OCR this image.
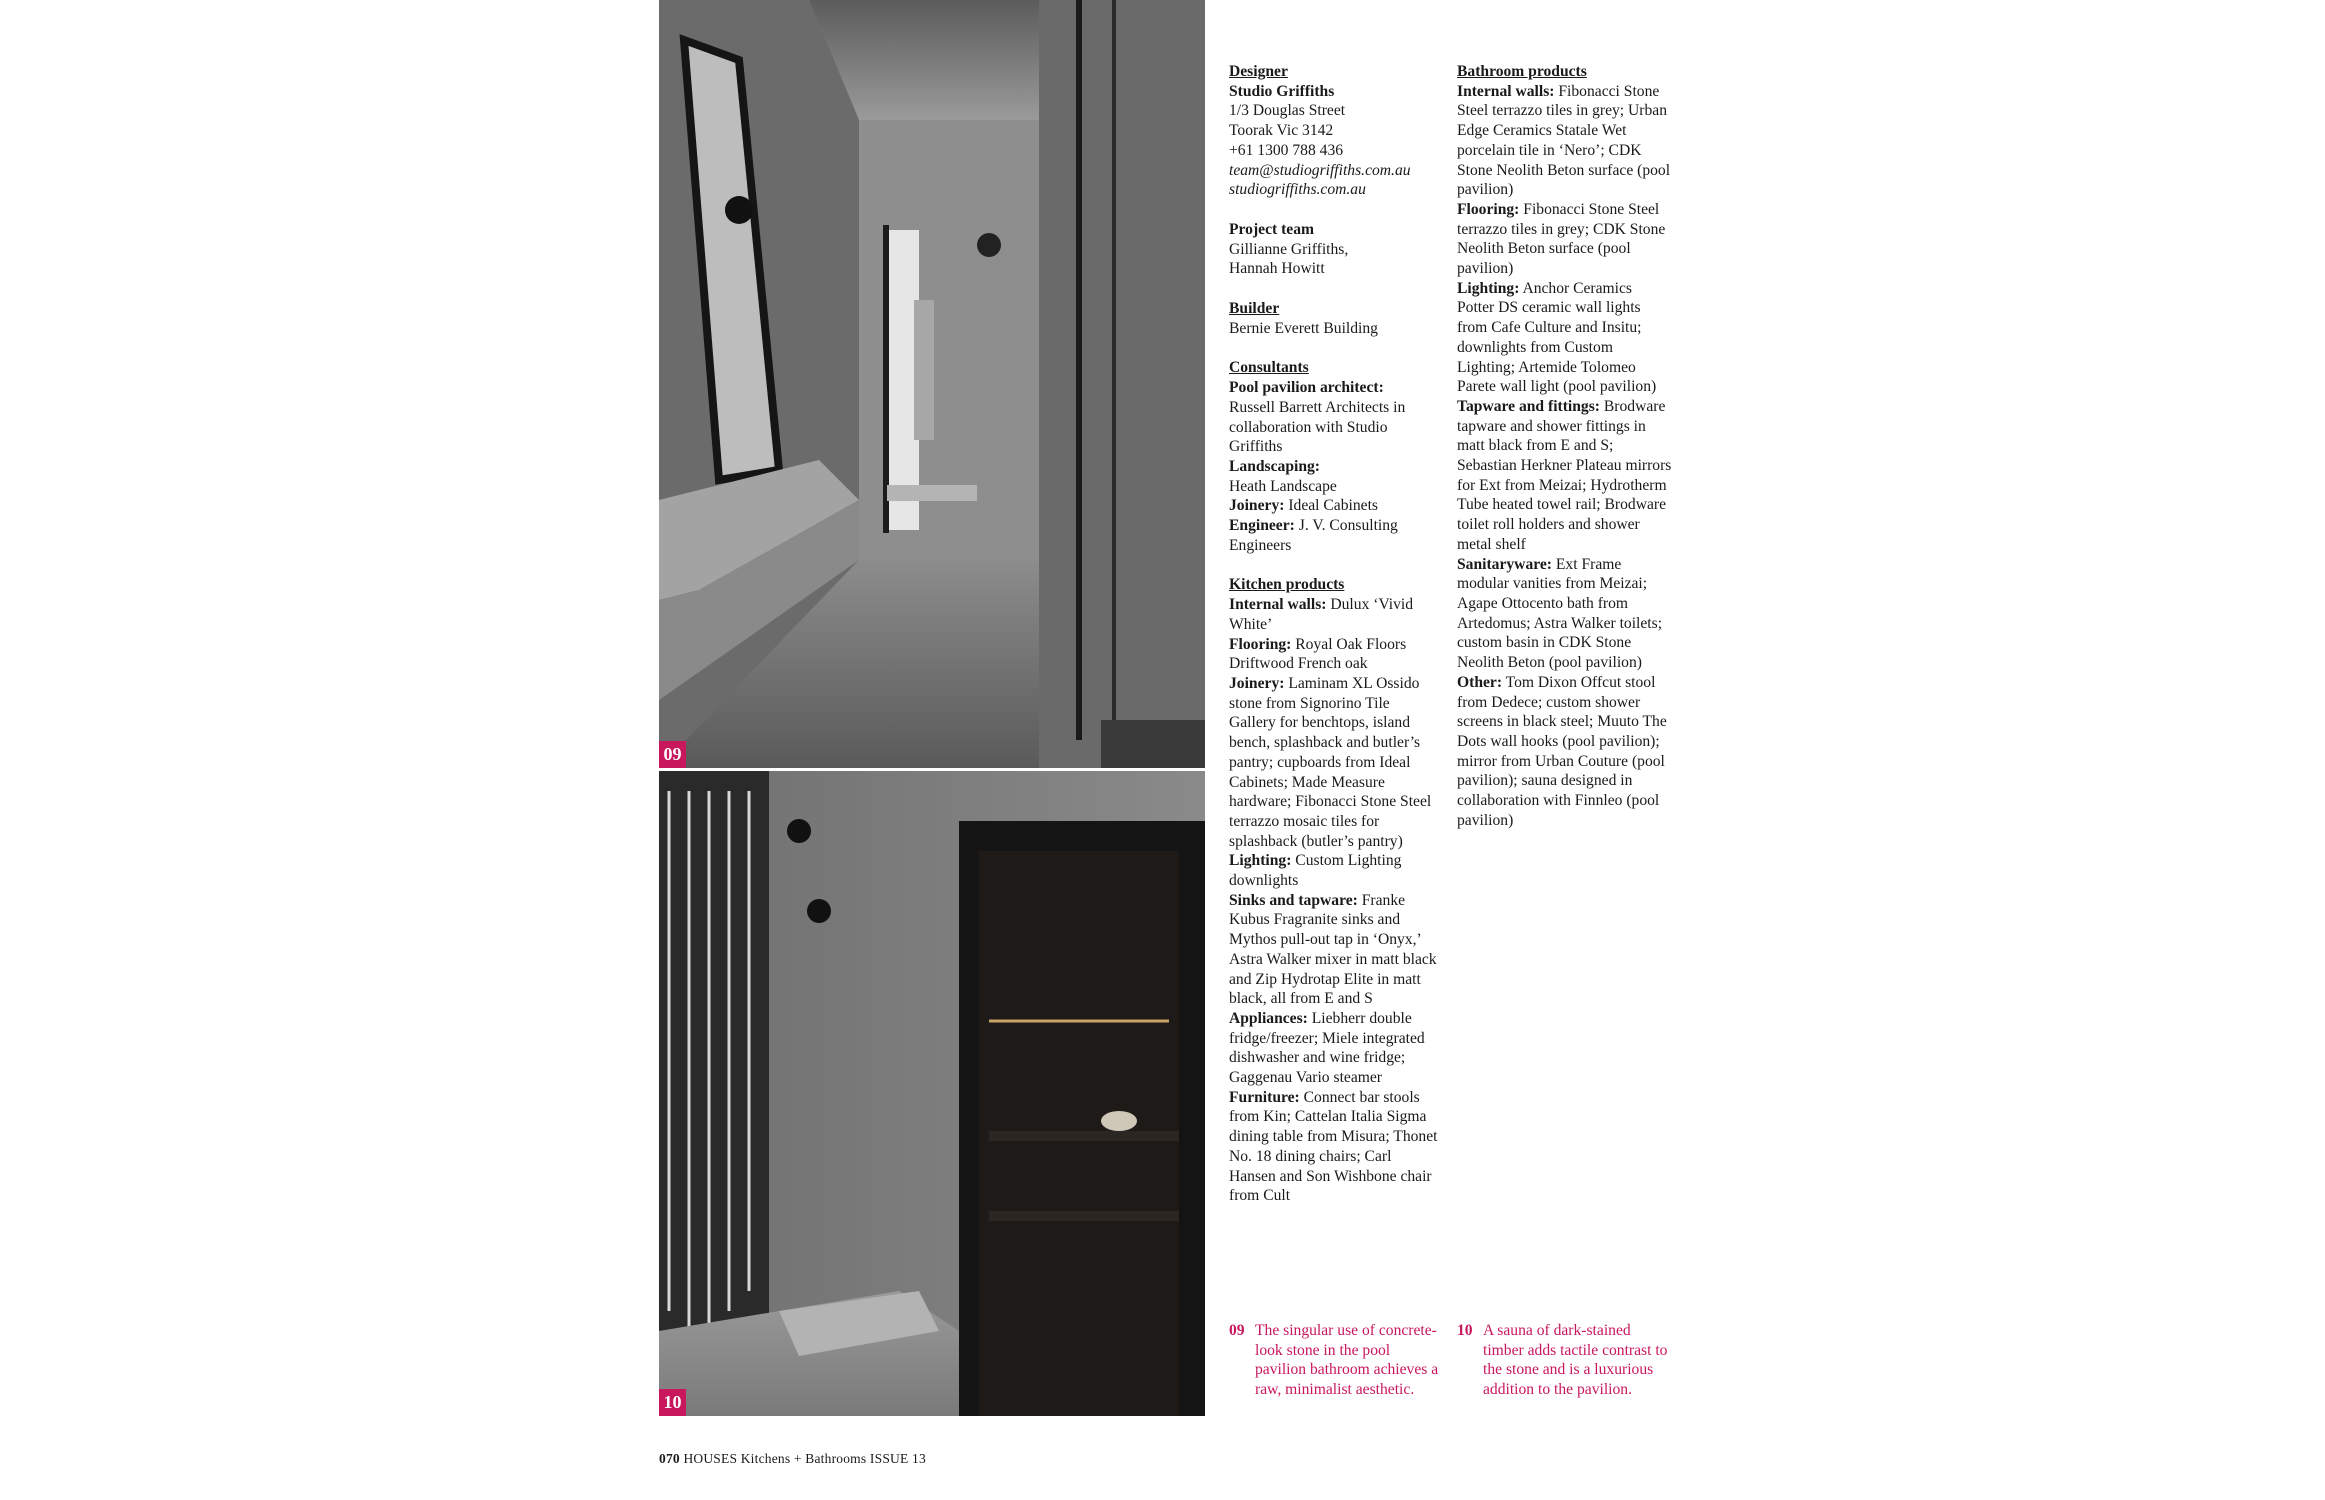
09
10
Designer
Studio Griffiths
1/3 Douglas Street
Toorak Vic 3142
+61 1300 788 436
team@studiogriffiths.com.au
studiogriffiths.com.au
Project team
Gillianne Griffiths,
Hannah Howitt
Builder
Bernie Everett Building
Consultants
Pool pavilion architect:
Russell Barrett Architects in collaboration with Studio Griffiths
Landscaping:
Heath Landscape
Joinery: Ideal Cabinets
Engineer: J. V. Consulting Engineers
Kitchen products
Internal walls: Dulux ‘Vivid White’
Flooring: Royal Oak Floors Driftwood French oak
Joinery: Laminam XL Ossido stone from Signorino Tile Gallery for benchtops, island bench, splashback and butler’s pantry; cupboards from Ideal Cabinets; Made Measure hardware; Fibonacci Stone Steel terrazzo mosaic tiles for splashback (butler’s pantry)
Lighting: Custom Lighting downlights
Sinks and tapware: Franke Kubus Fragranite sinks and Mythos pull-out tap in ‘Onyx,’ Astra Walker mixer in matt black and Zip Hydrotap Elite in matt black, all from E and S
Appliances: Liebherr double fridge/freezer; Miele integrated dishwasher and wine fridge; Gaggenau Vario steamer
Furniture: Connect bar stools from Kin; Cattelan Italia Sigma dining table from Misura; Thonet No. 18 dining chairs; Carl Hansen and Son Wishbone chair from Cult
Bathroom products
Internal walls: Fibonacci Stone Steel terrazzo tiles in grey; Urban Edge Ceramics Statale Wet porcelain tile in ‘Nero’; CDK Stone Neolith Beton surface (pool pavilion)
Flooring: Fibonacci Stone Steel terrazzo tiles in grey; CDK Stone Neolith Beton surface (pool pavilion)
Lighting: Anchor Ceramics Potter DS ceramic wall lights from Cafe Culture and Insitu; downlights from Custom Lighting; Artemide Tolomeo Parete wall light (pool pavilion)
Tapware and fittings: Brodware tapware and shower fittings in matt black from E and S; Sebastian Herkner Plateau mirrors for Ext from Meizai; Hydrotherm Tube heated towel rail; Brodware toilet roll holders and shower metal shelf
Sanitaryware: Ext Frame modular vanities from Meizai; Agape Ottocento bath from Artedomus; Astra Walker toilets; custom basin in CDK Stone Neolith Beton (pool pavilion)
Other: Tom Dixon Offcut stool from Dedece; custom shower screens in black steel; Muuto The Dots wall hooks (pool pavilion); mirror from Urban Couture (pool pavilion); sauna designed in collaboration with Finnleo (pool pavilion)
09 The singular use of concrete-look stone in the pool pavilion bathroom achieves a raw, minimalist aesthetic.
10 A sauna of dark-stained timber adds tactile contrast to the stone and is a luxurious addition to the pavilion.
070 HOUSES Kitchens + Bathrooms ISSUE 13
